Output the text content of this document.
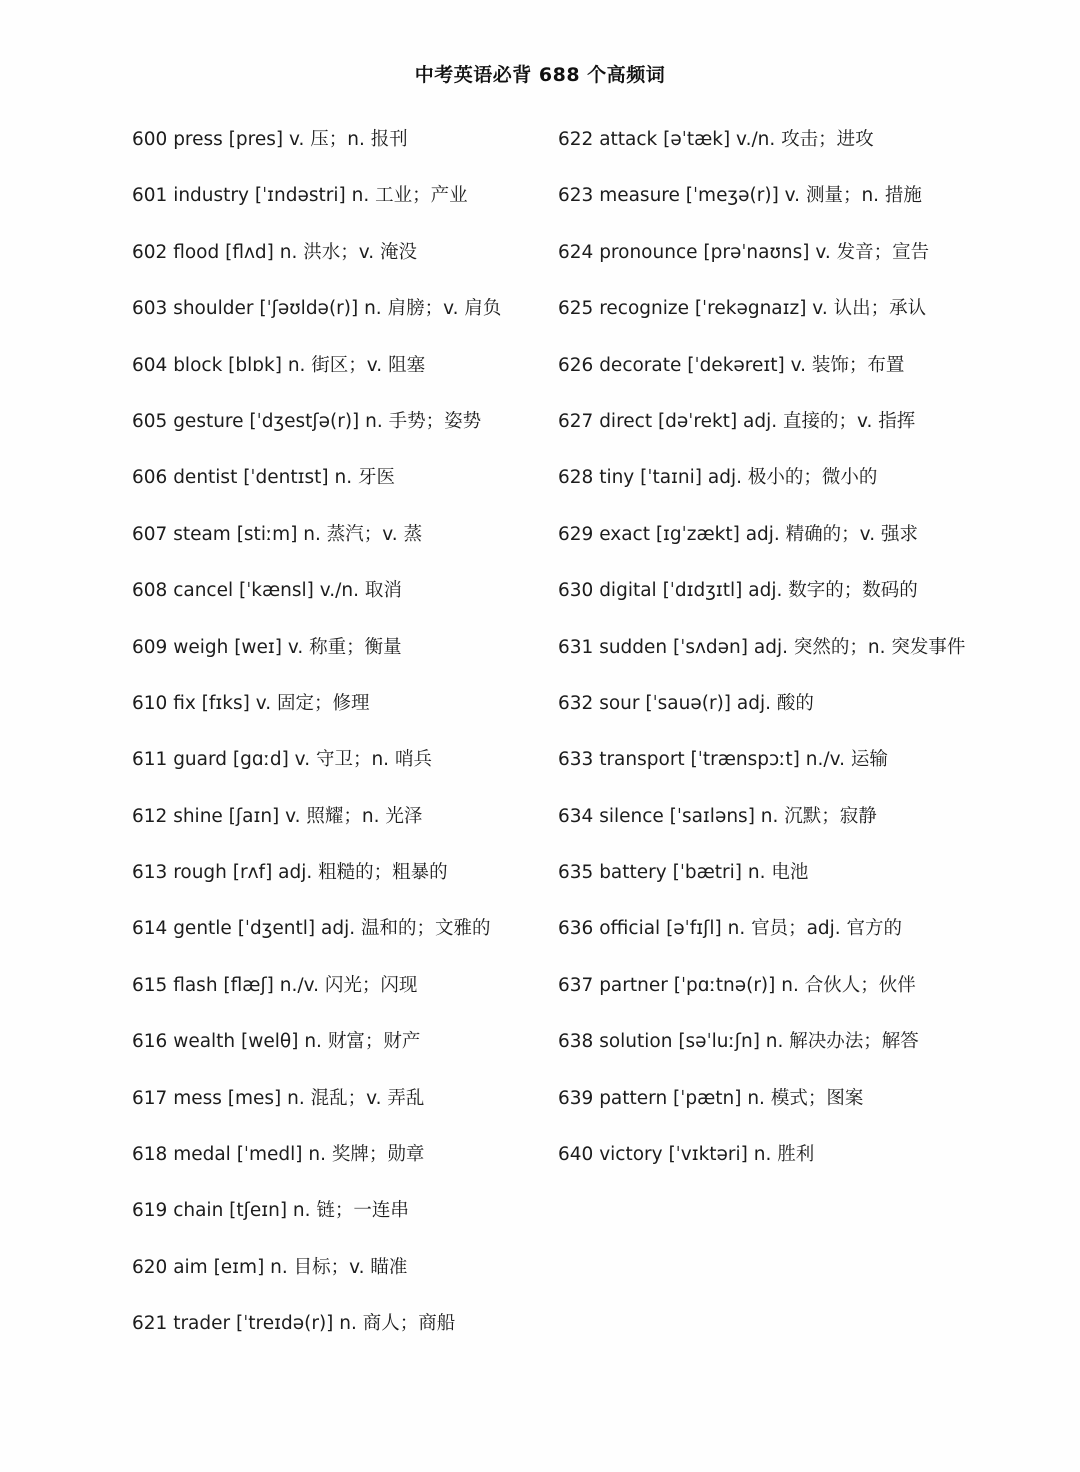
中考英语必背 688 个高频词
600 press [pres] v. 压；n. 报刊
601 industry [ˈɪndəstri] n. 工业；产业
602 flood [flʌd] n. 洪水；v. 淹没
603 shoulder [ˈʃəʊldə(r)] n. 肩膀；v. 肩负
604 block [blɒk] n. 街区；v. 阻塞
605 gesture [ˈdʒestʃə(r)] n. 手势；姿势
606 dentist [ˈdentɪst] n. 牙医
607 steam [stiːm] n. 蒸汽；v. 蒸
608 cancel [ˈkænsl] v./n. 取消
609 weigh [weɪ] v. 称重；衡量
610 fix [fɪks] v. 固定；修理
611 guard [gɑːd] v. 守卫；n. 哨兵
612 shine [ʃaɪn] v. 照耀；n. 光泽
613 rough [rʌf] adj. 粗糙的；粗暴的
614 gentle [ˈdʒentl] adj. 温和的；文雅的
615 flash [flæʃ] n./v. 闪光；闪现
616 wealth [welθ] n. 财富；财产
617 mess [mes] n. 混乱；v. 弄乱
618 medal [ˈmedl] n. 奖牌；勋章
619 chain [tʃeɪn] n. 链；一连串
620 aim [eɪm] n. 目标；v. 瞄准
621 trader [ˈtreɪdə(r)] n. 商人；商船
622 attack [əˈtæk] v./n. 攻击；进攻
623 measure [ˈmeʒə(r)] v. 测量；n. 措施
624 pronounce [prəˈnaʊns] v. 发音；宣告
625 recognize [ˈrekəgnaɪz] v. 认出；承认
626 decorate [ˈdekəreɪt] v. 装饰；布置
627 direct [dəˈrekt] adj. 直接的；v. 指挥
628 tiny [ˈtaɪni] adj. 极小的；微小的
629 exact [ɪgˈzækt] adj. 精确的；v. 强求
630 digital [ˈdɪdʒɪtl] adj. 数字的；数码的
631 sudden [ˈsʌdən] adj. 突然的；n. 突发事件
632 sour [ˈsauə(r)] adj. 酸的
633 transport [ˈtrænspɔːt] n./v. 运输
634 silence [ˈsaɪləns] n. 沉默；寂静
635 battery [ˈbætri] n. 电池
636 official [əˈfɪʃl] n. 官员；adj. 官方的
637 partner [ˈpɑːtnə(r)] n. 合伙人；伙伴
638 solution [səˈluːʃn] n. 解决办法；解答
639 pattern [ˈpætn] n. 模式；图案
640 victory [ˈvɪktəri] n. 胜利
